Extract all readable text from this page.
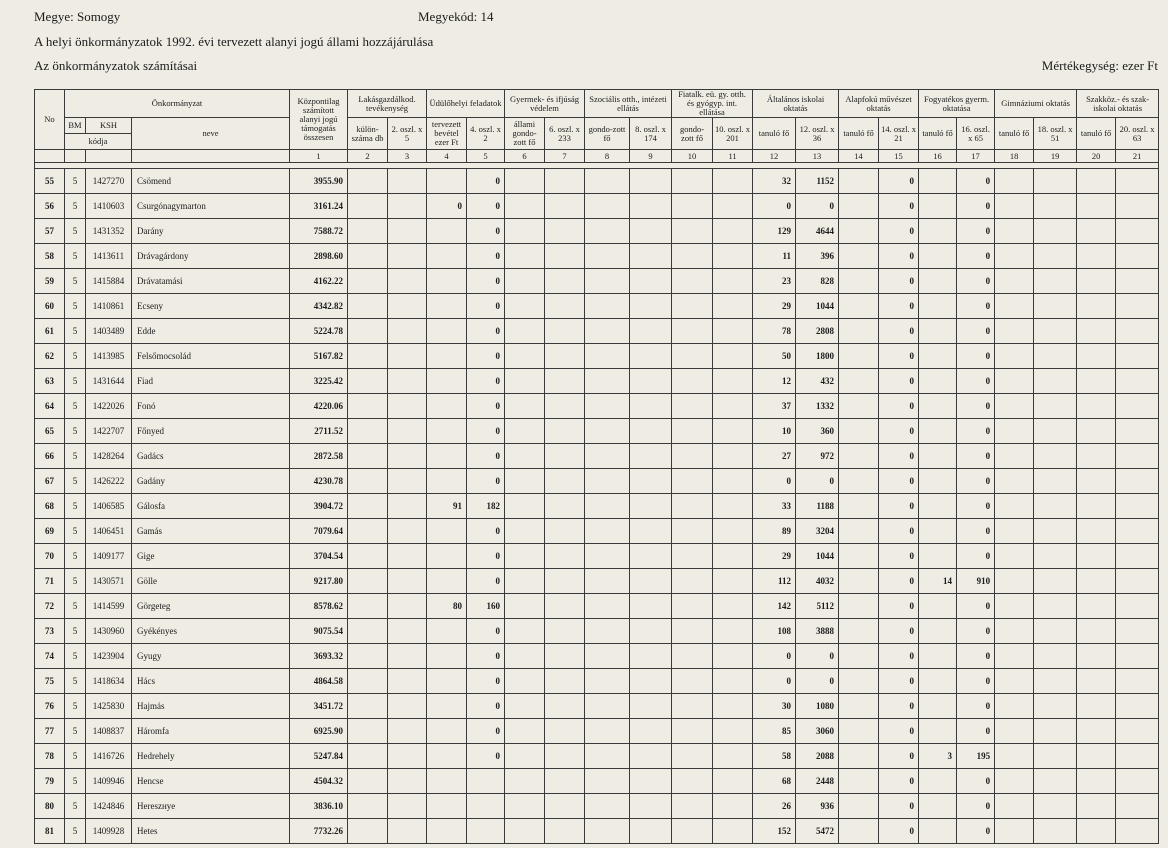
Megye: Somogy	Megyekód: 14
A helyi önkormányzatok 1992. évi tervezett alanyi jogú állami hozzájárulása
Az önkormányzatok számításai	Mértékegység: ezer Ft
No	Önkormányzat			Központilag számított alanyi jogú támogatás összesen	Lakásgazdálkod. tevékenység		Üdülőhelyi feladatok		Gyermek- és ifjúság védelem		Szociális otth., intézeti ellátás		Fiatalk. eü. gy. otth. és gyógyp. int. ellátása		Általános iskolai oktatás		Alapfokú művészet oktatás		Fogyatékos gyerm. oktatása		Gimnáziumi oktatás		Szakköz.- és szak-iskolai oktatás	

	BM	KSH	neve		külön-száma db	2. oszl. x 5	tervezett bevétel ezer Ft	4. oszl. x 2	állami gondo-zott fő	6. oszl. x 233	gondo-zott fő	8. oszl. x 174	gondo-zott fő	10. oszl. x 201	tanuló fő	12. oszl. x 36	tanuló fő	14. oszl. x 21	tanuló fő	16. oszl. x 65	tanuló fő	18. oszl. x 51	tanuló fő	20. oszl. x 63
	kódja																							
				1	2	3	4	5	6	7	8	9	10	11	12	13	14	15	16	17	18	19	20	21

55	5	1427270	Csömend	3955.90				0							32	1152		0		0				
56	5	1410603	Csurgónagymarton	3161.24			0	0							0	0		0		0				
57	5	1431352	Darány	7588.72				0							129	4644		0		0				
58	5	1413611	Drávagárdony	2898.60				0							11	396		0		0				
59	5	1415884	Drávatamási	4162.22				0							23	828		0		0				
60	5	1410861	Ecseny	4342.82				0							29	1044		0		0				
61	5	1403489	Edde	5224.78				0							78	2808		0		0				
62	5	1413985	Felsőmocsolád	5167.82				0							50	1800		0		0				
63	5	1431644	Fiad	3225.42				0							12	432		0		0				
64	5	1422026	Fonó	4220.06				0							37	1332		0		0				
65	5	1422707	Főnyed	2711.52				0							10	360		0		0				
66	5	1428264	Gadács	2872.58				0							27	972		0		0				
67	5	1426222	Gadány	4230.78				0							0	0		0		0				
68	5	1406585	Gálosfa	3904.72			91	182							33	1188		0		0				
69	5	1406451	Gamás	7079.64				0							89	3204		0		0				
70	5	1409177	Gige	3704.54				0							29	1044		0		0				
71	5	1430571	Gölle	9217.80				0							112	4032		0	14	910				
72	5	1414599	Görgeteg	8578.62			80	160							142	5112		0		0				
73	5	1430960	Gyékényes	9075.54				0							108	3888		0		0				
74	5	1423904	Gyugy	3693.32				0							0	0		0		0				
75	5	1418634	Hács	4864.58				0							0	0		0		0				
76	5	1425830	Hajmás	3451.72				0							30	1080		0		0				
77	5	1408837	Háromfa	6925.90				0							85	3060		0		0				
78	5	1416726	Hedrehely	5247.84				0							58	2088		0	3	195				
79	5	1409946	Hencse	4504.32											68	2448		0		0				
80	5	1424846	Hereszнye	3836.10											26	936		0		0				
81	5	1409928	Hetes	7732.26											152	5472		0		0				
